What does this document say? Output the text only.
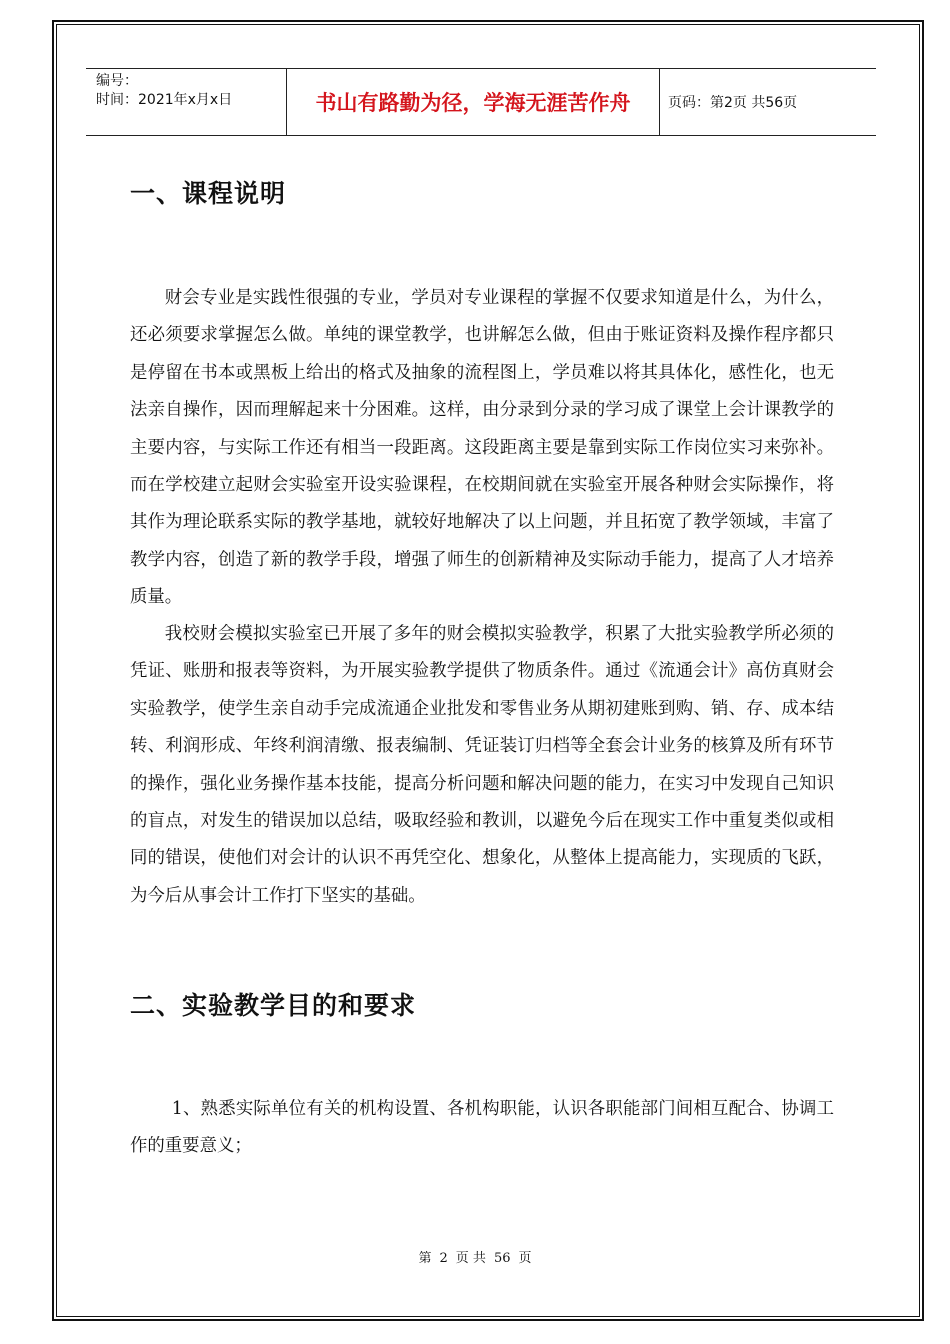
编号：
时间：2021年x月x日	书山有路勤为径，学海无涯苦作舟	页码：第2页 共56页
一、课程说明

财会专业是实践性很强的专业，学员对专业课程的掌握不仅要求知道是什么，为什么，还必须要求掌握怎么做。单纯的课堂教学，也讲解怎么做，但由于账证资料及操作程序都只是停留在书本或黑板上给出的格式及抽象的流程图上，学员难以将其具体化，感性化，也无法亲自操作，因而理解起来十分困难。这样，由分录到分录的学习成了课堂上会计课教学的主要内容，与实际工作还有相当一段距离。这段距离主要是靠到实际工作岗位实习来弥补。而在学校建立起财会实验室开设实验课程，在校期间就在实验室开展各种财会实际操作，将其作为理论联系实际的教学基地，就较好地解决了以上问题，并且拓宽了教学领域，丰富了教学内容，创造了新的教学手段，增强了师生的创新精神及实际动手能力，提高了人才培养质量。

我校财会模拟实验室已开展了多年的财会模拟实验教学，积累了大批实验教学所必须的凭证、账册和报表等资料，为开展实验教学提供了物质条件。通过《流通会计》高仿真财会实验教学，使学生亲自动手完成流通企业批发和零售业务从期初建账到购、销、存、成本结转、利润形成、年终利润清缴、报表编制、凭证装订归档等全套会计业务的核算及所有环节的操作，强化业务操作基本技能，提高分析问题和解决问题的能力，在实习中发现自己知识的盲点，对发生的错误加以总结，吸取经验和教训，以避免今后在现实工作中重复类似或相同的错误，使他们对会计的认识不再凭空化、想象化，从整体上提高能力，实现质的飞跃，为今后从事会计工作打下坚实的基础。

二、实验教学目的和要求

1、熟悉实际单位有关的机构设置、各机构职能，认识各职能部门间相互配合、协调工作的重要意义；

第 2 页 共 56 页
